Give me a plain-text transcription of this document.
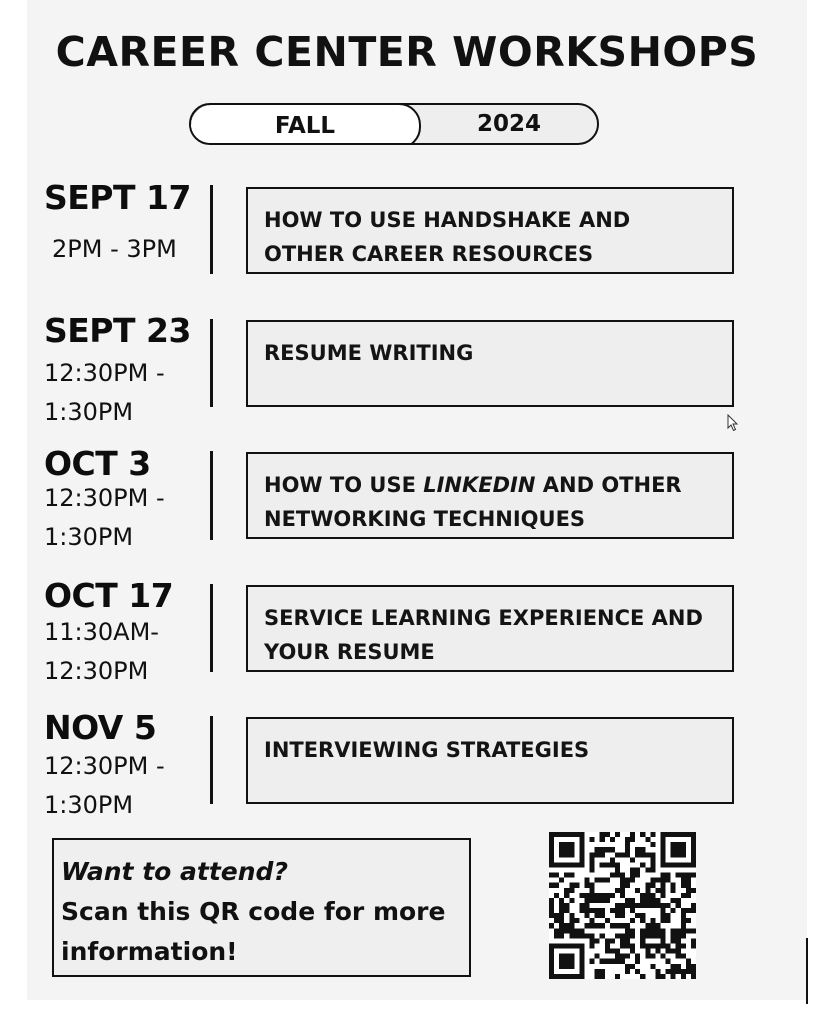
CAREER CENTER WORKSHOPS
FALL	2024
SEPT 17
2PM - 3PM
HOW TO USE HANDSHAKE AND OTHER CAREER RESOURCES
SEPT 23
12:30PM - 1:30PM
RESUME WRITING
OCT 3
12:30PM - 1:30PM
HOW TO USE LINKEDIN AND OTHER NETWORKING TECHNIQUES
OCT 17
11:30AM- 12:30PM
SERVICE LEARNING EXPERIENCE AND YOUR RESUME
NOV 5
12:30PM - 1:30PM
INTERVIEWING STRATEGIES
Want to attend?
Scan this QR code for more information!
